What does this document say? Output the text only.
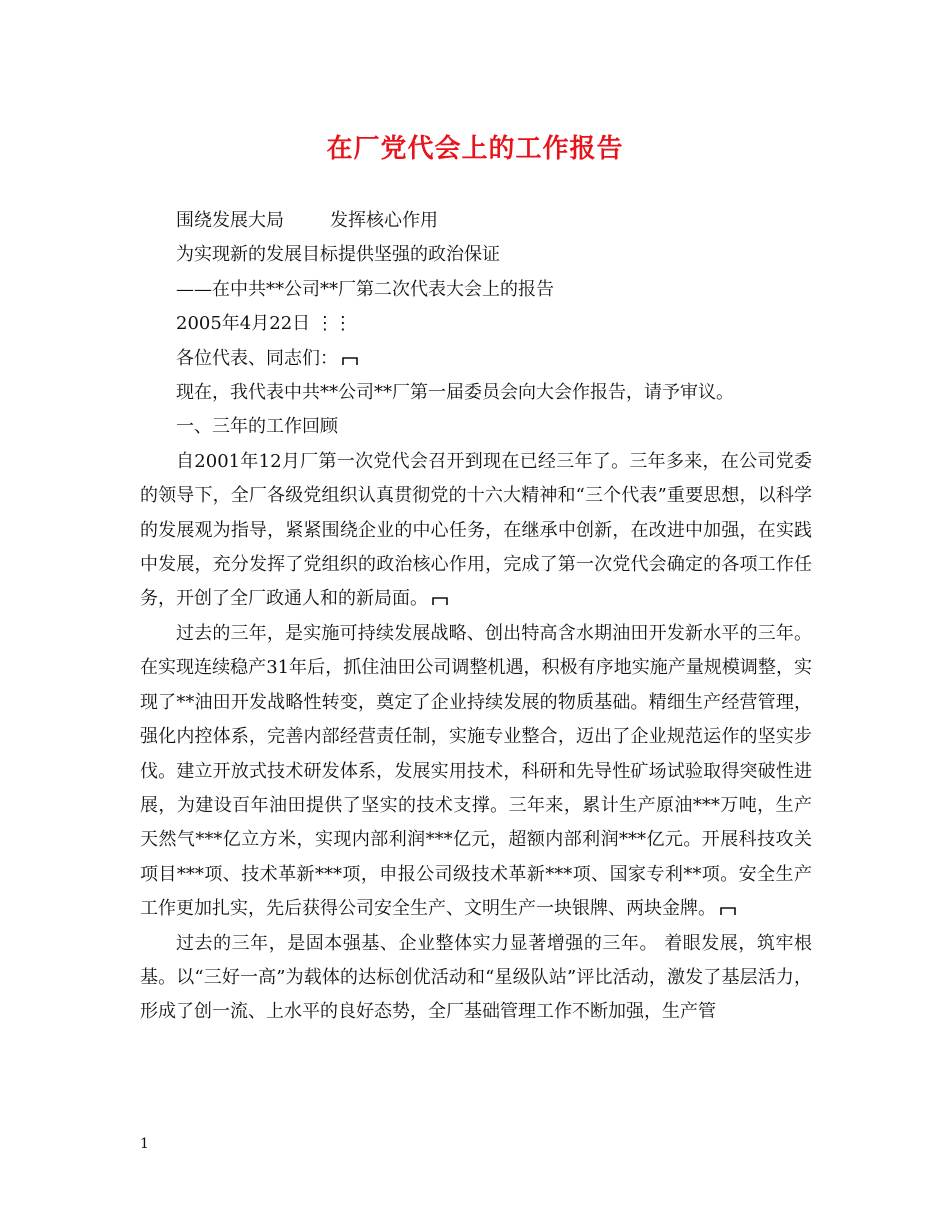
在厂党代会上的工作报告

围绕发展大局	发挥核心作用

为实现新的发展目标提供坚强的政治保证

——在中共**公司**厂第二次代表大会上的报告

2005年4月22日 ⋮⋮

各位代表、同志们：

现在，我代表中共**公司**厂第一届委员会向大会作报告，请予审议。

一、三年的工作回顾

自2001年12月厂第一次党代会召开到现在已经三年了。三年多来，在公司党委的领导下，全厂各级党组织认真贯彻党的十六大精神和“三个代表”重要思想，以科学的发展观为指导，紧紧围绕企业的中心任务，在继承中创新，在改进中加强，在实践中发展，充分发挥了党组织的政治核心作用，完成了第一次党代会确定的各项工作任务，开创了全厂政通人和的新局面。

过去的三年，是实施可持续发展战略、创出特高含水期油田开发新水平的三年。在实现连续稳产31年后，抓住油田公司调整机遇，积极有序地实施产量规模调整，实现了**油田开发战略性转变，奠定了企业持续发展的物质基础。精细生产经营管理，强化内控体系，完善内部经营责任制，实施专业整合，迈出了企业规范运作的坚实步伐。建立开放式技术研发体系，发展实用技术，科研和先导性矿场试验取得突破性进展，为建设百年油田提供了坚实的技术支撑。三年来，累计生产原油***万吨，生产天然气***亿立方米，实现内部利润***亿元，超额内部利润***亿元。开展科技攻关项目***项、技术革新***项，申报公司级技术革新***项、国家专利**项。安全生产工作更加扎实，先后获得公司安全生产、文明生产一块银牌、两块金牌。

过去的三年，是固本强基、企业整体实力显著增强的三年。 着眼发展，筑牢根基。以“三好一高”为载体的达标创优活动和“星级队站”评比活动，激发了基层活力，形成了创一流、上水平的良好态势，全厂基础管理工作不断加强，生产管

1
